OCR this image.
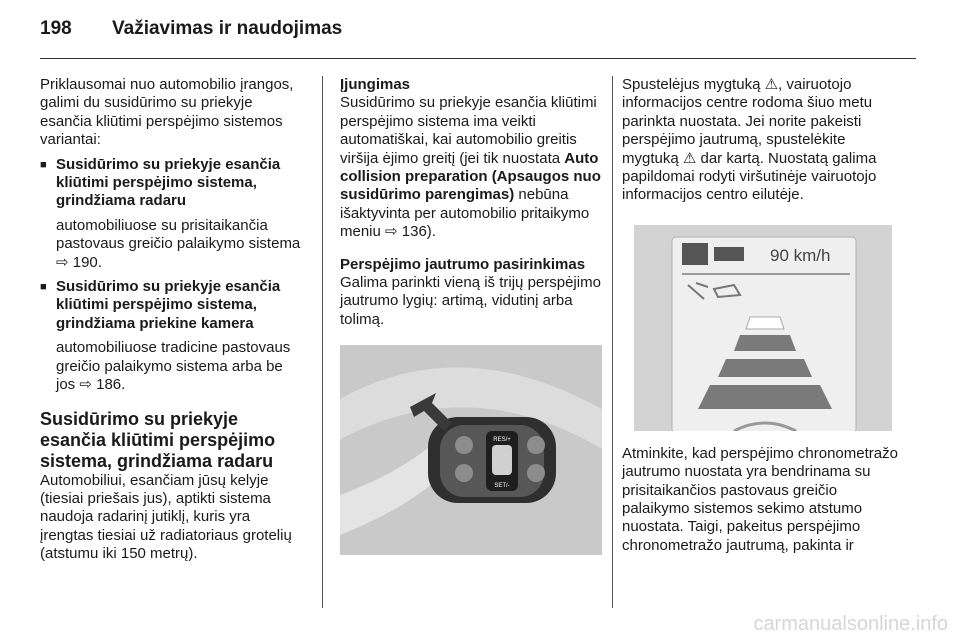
198 Važiavimas ir naudojimas

Priklausomai nuo automobilio įrangos, galimi du susidūrimo su priekyje esančia kliūtimi perspėjimo sistemos variantai:

■ Susidūrimo su priekyje esančia kliūtimi perspėjimo sistema, grindžiama radaru

automobiliuose su prisitaikančia pastovaus greičio palaikymo sistema ⇨ 190.

■ Susidūrimo su priekyje esančia kliūtimi perspėjimo sistema, grindžiama priekine kamera

automobiliuose tradicine pastovaus greičio palaikymo sistema arba be jos ⇨ 186.

Susidūrimo su priekyje esančia kliūtimi perspėjimo sistema, grindžiama radaru

Automobiliui, esančiam jūsų kelyje (tiesiai priešais jus), aptikti sistema naudoja radarinį jutiklį, kuris yra įrengtas tiesiai už radiatoriaus grotelių (atstumu iki 150 metrų).

Įjungimas

Susidūrimo su priekyje esančia kliūtimi perspėjimo sistema ima veikti automatiškai, kai automobilio greitis viršija ėjimo greitį (jei tik nuostata Auto collision preparation (Apsaugos nuo susidūrimo parengimas) nebūna išaktyvinta per automobilio pritaikymo meniu ⇨ 136).

Perspėjimo jautrumo pasirinkimas

Galima parinkti vieną iš trijų perspėjimo jautrumo lygių: artimą, vidutinį arba tolimą.

RES/+
SET/-

Spustelėjus mygtuką ⚠, vairuotojo informacijos centre rodoma šiuo metu parinkta nuostata. Jei norite pakeisti perspėjimo jautrumą, spustelėkite mygtuką ⚠ dar kartą. Nuostatą galima papildomai rodyti viršutinėje vairuotojo informacijos centro eilutėje.

90 km/h

Atminkite, kad perspėjimo chronometražo jautrumo nuostata yra bendrinama su prisitaikančios pastovaus greičio palaikymo sistemos sekimo atstumo nuostata. Taigi, pakeitus perspėjimo chronometražo jautrumą, pakinta ir

carmanualsonline.info
